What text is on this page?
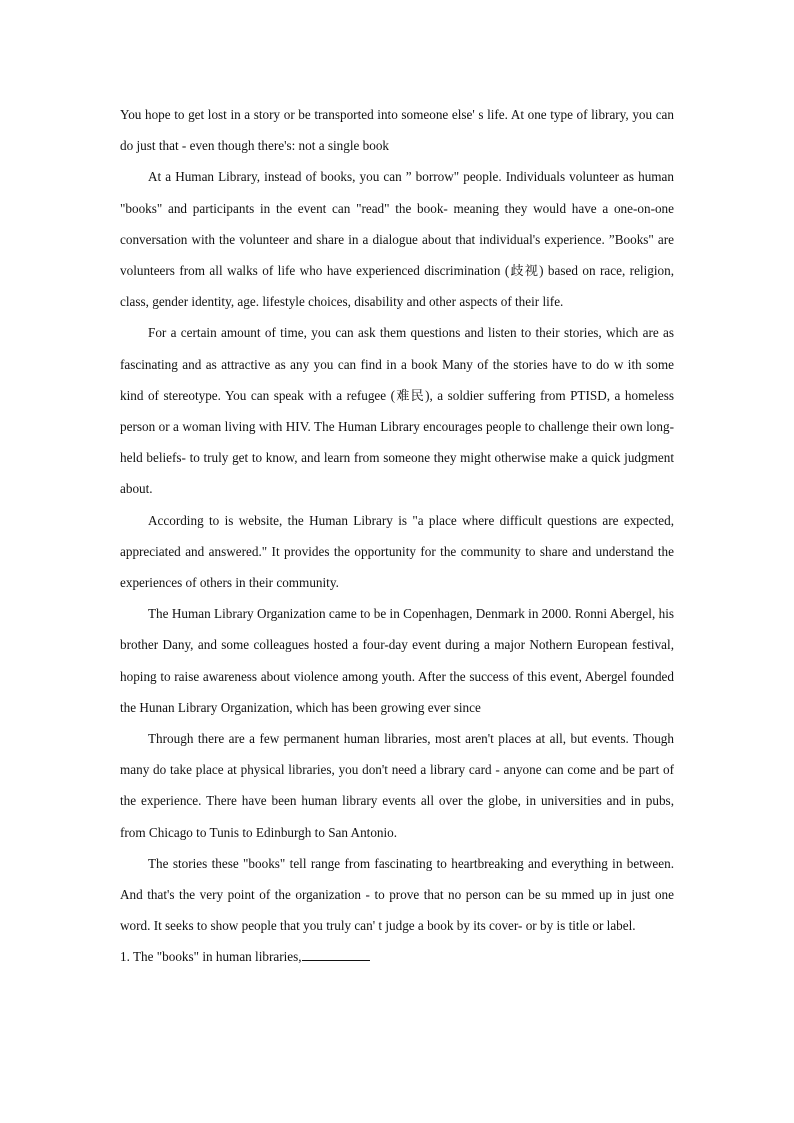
You hope to get lost in a story or be transported into someone else' s life. At one type of library, you can do just that - even though there's: not a single book

At a Human Library, instead of books, you can ” borrow" people. Individuals volunteer as human "books" and participants in the event can "read" the book- meaning they would have a one-on-one conversation with the volunteer and share in a dialogue about that individual's experience. ”Books" are volunteers from all walks of life who have experienced discrimination (歧视) based on race, religion, class, gender identity, age. lifestyle choices, disability and other aspects of their life.

For a certain amount of time, you can ask them questions and listen to their stories, which are as fascinating and as attractive as any you can find in a book Many of the stories have to do w ith some kind of stereotype. You can speak with a refugee (难民), a soldier suffering from PTISD, a homeless person or a woman living with HIV. The Human Library encourages people to challenge their own long-held beliefs- to truly get to know, and learn from someone they might otherwise make a quick judgment about.

According to is website, the Human Library is "a place where difficult questions are expected, appreciated and answered." It provides the opportunity for the community to share and understand the experiences of others in their community.

The Human Library Organization came to be in Copenhagen, Denmark in 2000. Ronni Abergel, his brother Dany, and some colleagues hosted a four-day event during a major Nothern European festival, hoping to raise awareness about violence among youth. After the success of this event, Abergel founded the Hunan Library Organization, which has been growing ever since

Through there are a few permanent human libraries, most aren't places at all, but events. Though many do take place at physical libraries, you don't need a library card - anyone can come and be part of the experience. There have been human library events all over the globe, in universities and in pubs, from Chicago to Tunis to Edinburgh to San Antonio.

The stories these "books" tell range from fascinating to heartbreaking and everything in between. And that's the very point of the organization - to prove that no person can be su mmed up in just one word. It seeks to show people that you truly can' t judge a book by its cover- or by is title or label.

1. The "books" in human libraries,
